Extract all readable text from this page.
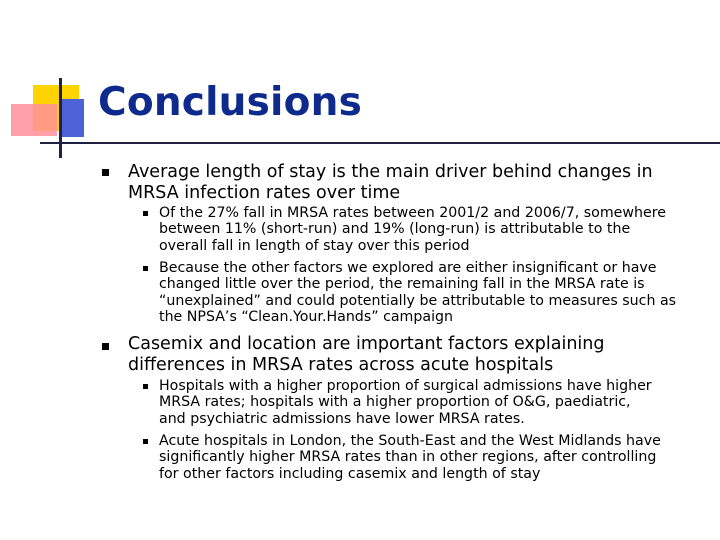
Conclusions

Average length of stay is the main driver behind changes in MRSA infection rates over time

Of the 27% fall in MRSA rates between 2001/2 and 2006/7, somewhere between 11% (short-run) and 19% (long-run) is attributable to the overall fall in length of stay over this period

Because the other factors we explored are either insignificant or have changed little over the period, the remaining fall in the MRSA rate is “unexplained” and could potentially be attributable to measures such as the NPSA’s “Clean.Your.Hands” campaign

Casemix and location are important factors explaining differences in MRSA rates across acute hospitals

Hospitals with a higher proportion of surgical admissions have higher MRSA rates; hospitals with a higher proportion of O&G, paediatric, and psychiatric admissions have lower MRSA rates.

Acute hospitals in London, the South-East and the West Midlands have significantly higher MRSA rates than in other regions, after controlling for other factors including casemix and length of stay
